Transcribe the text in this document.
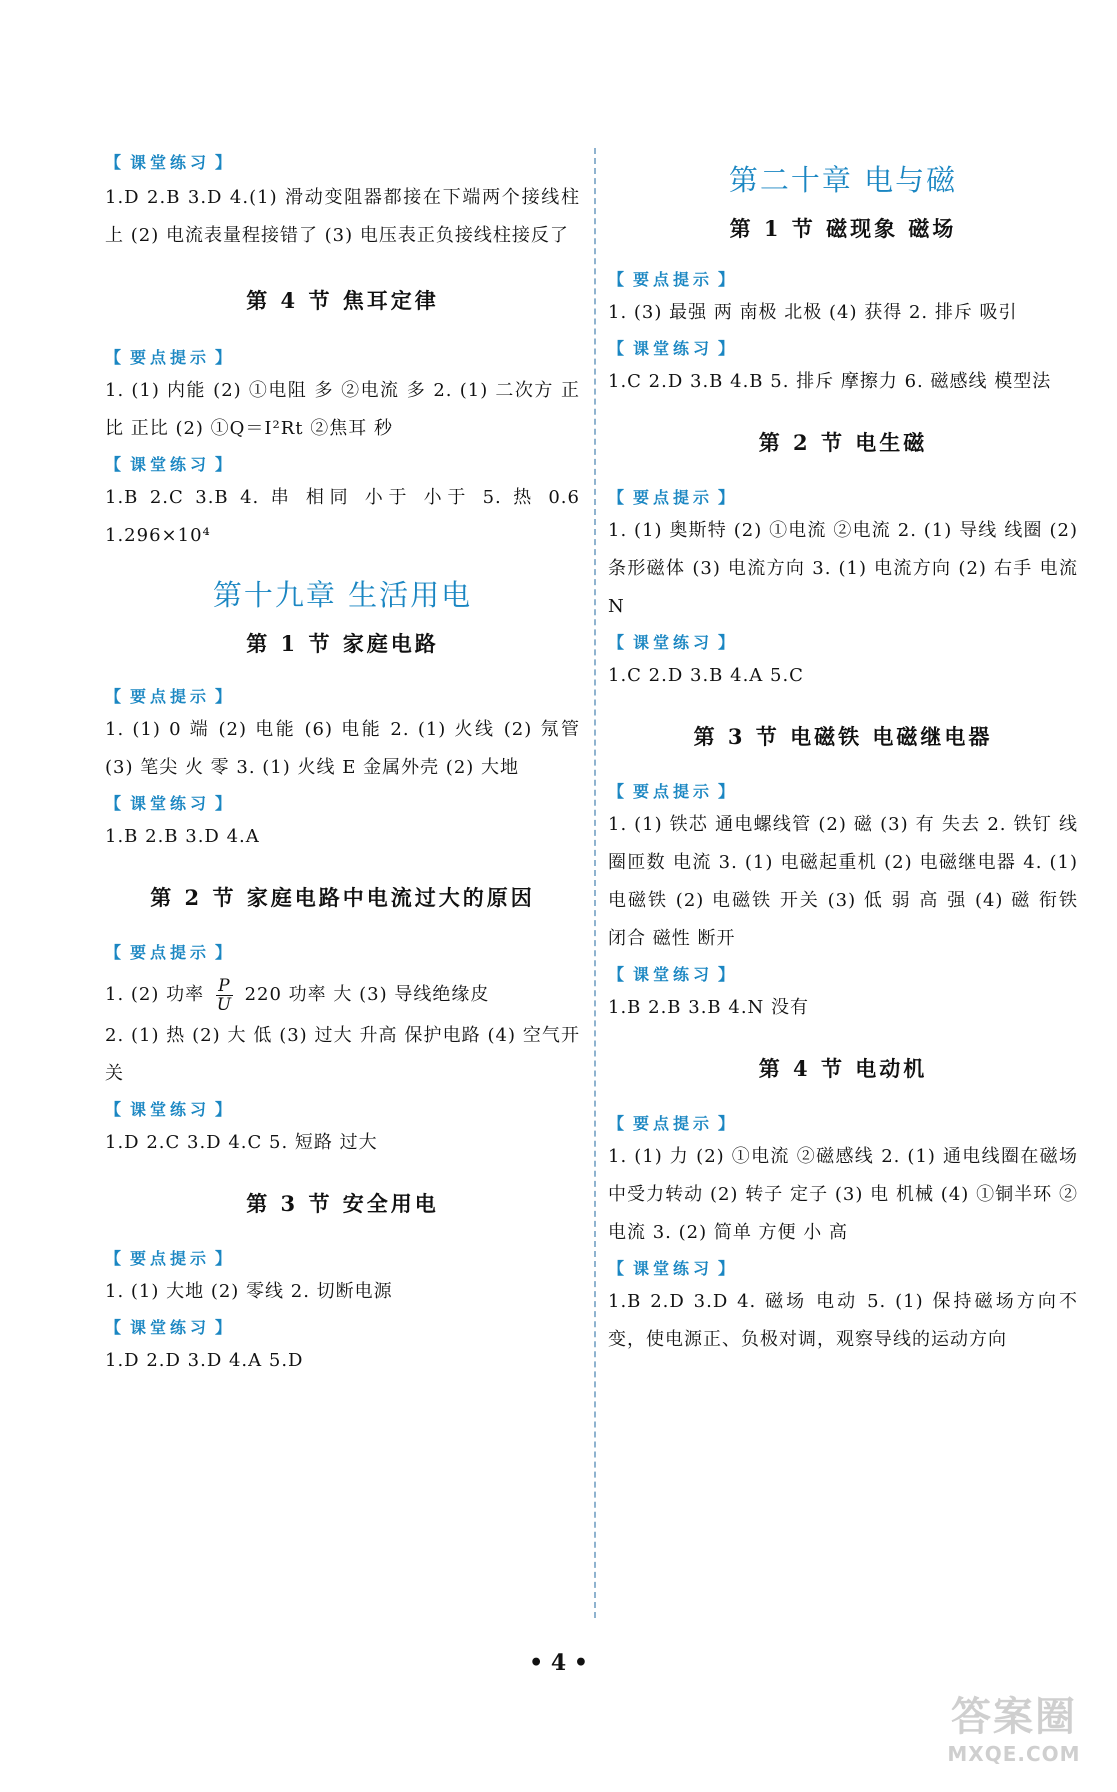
【 课堂练习 】

1.D 2.B 3.D 4.(1) 滑动变阻器都接在下端两个接线柱上 (2) 电流表量程接错了 (3) 电压表正负接线柱接反了

第 4 节 焦耳定律

【 要点提示 】

1. (1) 内能 (2) ①电阻 多 ②电流 多 2. (1) 二次方 正比 正比 (2) ①Q＝I²Rt ②焦耳 秒

【 课堂练习 】

1.B 2.C 3.B 4. 串 相同 小于 小于 5. 热 0.6 1.296×10⁴

第十九章 生活用电

第 1 节 家庭电路

【 要点提示 】

1. (1) 0 端 (2) 电能 (6) 电能 2. (1) 火线 (2) 氖管 (3) 笔尖 火 零 3. (1) 火线 E 金属外壳 (2) 大地

【 课堂练习 】

1.B 2.B 3.D 4.A

第 2 节 家庭电路中电流过大的原因

【 要点提示 】

1. (2) 功率 $\frac{P}{U} 220$ 功率 大 (3) 导线绝缘皮

2. (1) 热 (2) 大 低 (3) 过大 升高 保护电路 (4) 空气开关

【 课堂练习 】

1.D 2.C 3.D 4.C 5. 短路 过大

第 3 节 安全用电

【 要点提示 】

1. (1) 大地 (2) 零线 2. 切断电源

【 课堂练习 】

1.D 2.D 3.D 4.A 5.D

第二十章 电与磁

第 1 节 磁现象 磁场

【 要点提示 】

1. (3) 最强 两 南极 北极 (4) 获得 2. 排斥 吸引

【 课堂练习 】

1.C 2.D 3.B 4.B 5. 排斥 摩擦力 6. 磁感线 模型法

第 2 节 电生磁

【 要点提示 】

1. (1) 奥斯特 (2) ①电流 ②电流 2. (1) 导线 线圈 (2) 条形磁体 (3) 电流方向 3. (1) 电流方向 (2) 右手 电流 N

【 课堂练习 】

1.C 2.D 3.B 4.A 5.C

第 3 节 电磁铁 电磁继电器

【 要点提示 】

1. (1) 铁芯 通电螺线管 (2) 磁 (3) 有 失去 2. 铁钉 线圈匝数 电流 3. (1) 电磁起重机 (2) 电磁继电器 4. (1) 电磁铁 (2) 电磁铁 开关 (3) 低 弱 高 强 (4) 磁 衔铁 闭合 磁性 断开

【 课堂练习 】

1.B 2.B 3.B 4.N 没有

第 4 节 电动机

【 要点提示 】

1. (1) 力 (2) ①电流 ②磁感线 2. (1) 通电线圈在磁场中受力转动 (2) 转子 定子 (3) 电 机械 (4) ①铜半环 ②电流 3. (2) 简单 方便 小 高

【 课堂练习 】

1.B 2.D 3.D 4. 磁场 电动 5. (1) 保持磁场方向不变，使电源正、负极对调，观察导线的运动方向

• 4 •
答案圈
MXQE.COM
